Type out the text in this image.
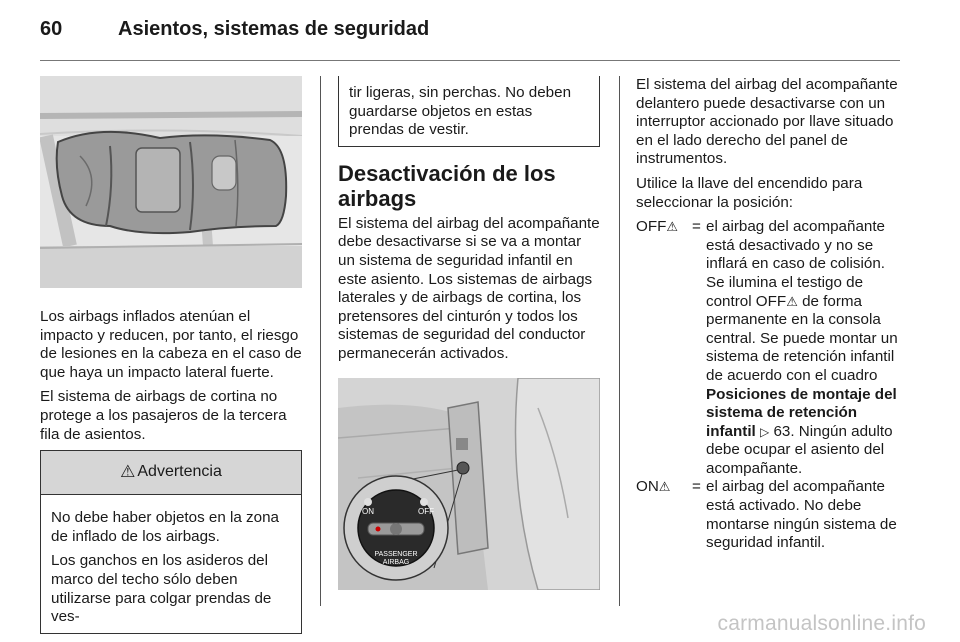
60	Asientos, sistemas de seguridad

Los airbags inflados atenúan el impacto y reducen, por tanto, el riesgo de lesiones en la cabeza en el caso de que haya un impacto lateral fuerte.

El sistema de airbags de cortina no protege a los pasajeros de la tercera fila de asientos.

⚠ Advertencia

No debe haber objetos en la zona de inflado de los airbags.

Los ganchos en los asideros del marco del techo sólo deben utilizarse para colgar prendas de ves-

tir ligeras, sin perchas. No deben guardarse objetos en estas prendas de vestir.

Desactivación de los airbags

El sistema del airbag del acompañante debe desactivarse si se va a montar un sistema de seguridad infantil en este asiento. Los sistemas de airbags laterales y de airbags de cortina, los pretensores del cinturón y todos los sistemas de seguridad del conductor permanecerán activados.

ON	OFF
PASSENGER
AIRBAG

El sistema del airbag del acompañante delantero puede desactivarse con un interruptor accionado por llave situado en el lado derecho del panel de instrumentos.

Utilice la llave del encendido para seleccionar la posición:

OFF⚠	=	el airbag del acompañante está desactivado y no se inflará en caso de colisión. Se ilumina el testigo de control OFF⚠ de forma permanente en la consola central. Se puede montar un sistema de retención infantil de acuerdo con el cuadro Posiciones de montaje del sistema de retención infantil ▷ 63. Ningún adulto debe ocupar el asiento del acompañante.
ON⚠	=	el airbag del acompañante está activado. No debe montarse ningún sistema de seguridad infantil.
carmanualsonline.info
